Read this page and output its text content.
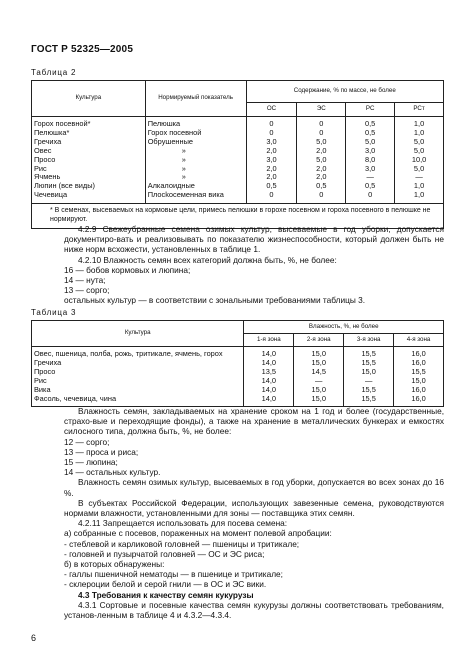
ГОСТ Р 52325—2005
Таблица 2
Культура	Нормируемый показатель	Содержание, % по массе, не более			
		ОС	ЭС	РС	РСт
Горох посевной*	Пелюшка	0	0	0,5	1,0
Пелюшка*	Горох посевной	0	0	0,5	1,0
Гречиха	Обрушенные	3,0	5,0	5,0	5,0
Овес	»	2,0	2,0	3,0	5,0
Просо	»	3,0	5,0	8,0	10,0
Рис	»	2,0	2,0	3,0	5,0
Ячмень	»	2,0	2,0	—	—
Люпин (все виды)	Алкалоидные	0,5	0,5	0,5	1,0
Чечевица	Плосkосеменная вика	0	0	0	1,0
* В семенах, высеваемых на кормовые цели, примесь пелюшки в горохе посевном и гороха посевного в пелюшке не нормируют.					

4.2.9 Свежеубранные семена озимых культур, высеваемые в год уборки, допускается документиро-вать и реализовывать по показателю жизнеспособности, который должен быть не ниже норм всхожести, установленных в таблице 1.

4.2.10 Влажность семян всех категорий должна быть, %, не более:

16 — бобов кормовых и люпина;

14 — нута;

13 — сорго;

остальных культур — в соответствии с зональными требованиями таблицы 3.

Таблица 3
Культура	Влажность, %, не более			
	1-я зона	2-я зона	3-я зона	4-я зона
Овес, пшеница, полба, рожь, тритикале, ячмень, горох	14,0	15,0	15,5	16,0
Гречиха	14,0	15,0	15,5	16,0
Просо	13,5	14,5	15,0	15,5
Рис	14,0	—	—	15,0
Вика	14,0	15,0	15,5	16,0
Фасоль, чечевица, чина	14,0	15,0	15,5	16,0

Влажность семян, закладываемых на хранение сроком на 1 год и более (государственные, страхо-вые и переходящие фонды), а также на хранение в металлических бункерах и емкостях силосного типа, должна быть, %, не более:

12 — сорго;

13 — проса и риса;

15 — люпина;

14 — остальных культур.

Влажность семян озимых культур, высеваемых в год уборки, допускается во всех зонах до 16 %.

В субъектах Российской Федерации, использующих завезенные семена, руководствуются нормами влажности, установленными для зоны — поставщика этих семян.

4.2.11 Запрещается использовать для посева семена:

а) собранные с посевов, пораженных на момент полевой апробации:

- стеблевой и карликовой головней — пшеницы и тритикале;

- головней и пузырчатой головней — ОС и ЭС риса;

б) в которых обнаружены:

- галлы пшеничной нематоды — в пшенице и тритикале;

- склероции белой и серой гнили — в ОС и ЭС вики.

4.3 Требования к качеству семян кукурузы

4.3.1 Сортовые и посевные качества семян кукурузы должны соответствовать требованиям, установ-ленным в таблице 4 и 4.3.2—4.3.4.

6
